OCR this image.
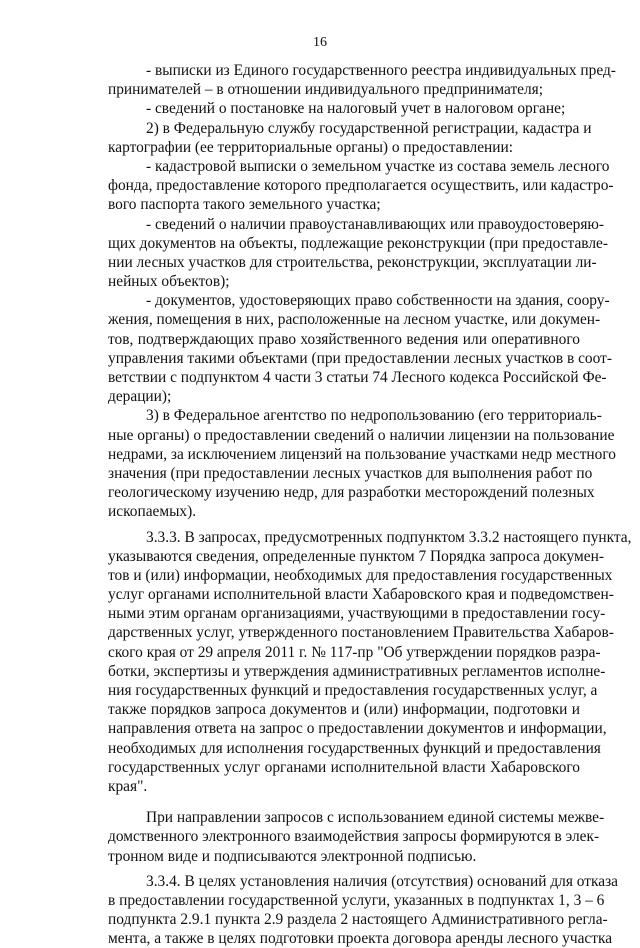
16
- выписки из Единого государственного реестра индивидуальных пред-
принимателей – в отношении индивидуального предпринимателя;
- сведений о постановке на налоговый учет в налоговом органе;
2) в Федеральную службу государственной регистрации, кадастра и
картографии (ее территориальные органы) о предоставлении:
- кадастровой выписки о земельном участке из состава земель лесного
фонда, предоставление которого предполагается осуществить, или кадастро-
вого паспорта такого земельного участка;
- сведений о наличии правоустанавливающих или правоудостоверяю-
щих документов на объекты, подлежащие реконструкции (при предоставле-
нии лесных участков для строительства, реконструкции, эксплуатации ли-
нейных объектов);
- документов, удостоверяющих право собственности на здания, соору-
жения, помещения в них, расположенные на лесном участке, или докумен-
тов, подтверждающих право хозяйственного ведения или оперативного
управления такими объектами (при предоставлении лесных участков в соот-
ветствии с подпунктом 4 части 3 статьи 74 Лесного кодекса Российской Фе-
дерации);
3) в Федеральное агентство по недропользованию (его территориаль-
ные органы) о предоставлении сведений о наличии лицензии на пользование
недрами, за исключением лицензий на пользование участками недр местного
значения (при предоставлении лесных участков для выполнения работ по
геологическому изучению недр, для разработки месторождений полезных
ископаемых).
3.3.3. В запросах, предусмотренных подпунктом 3.3.2 настоящего пункта,
указываются сведения, определенные пунктом 7 Порядка запроса докумен-
тов и (или) информации, необходимых для предоставления государственных
услуг органами исполнительной власти Хабаровского края и подведомствен-
ными этим органам организациями, участвующими в предоставлении госу-
дарственных услуг, утвержденного постановлением Правительства Хабаров-
ского края от 29 апреля 2011 г. № 117-пр "Об утверждении порядков разра-
ботки, экспертизы и утверждения административных регламентов исполне-
ния государственных функций и предоставления государственных услуг, а
также порядков запроса документов и (или) информации, подготовки и
направления ответа на запрос о предоставлении документов и информации,
необходимых для исполнения государственных функций и предоставления
государственных услуг органами исполнительной власти Хабаровского
края".
При направлении запросов с использованием единой системы межве-
домственного электронного взаимодействия запросы формируются в элек-
тронном виде и подписываются электронной подписью.
3.3.4. В целях установления наличия (отсутствия) оснований для отказа
в предоставлении государственной услуги, указанных в подпунктах 1, 3 – 6
подпункта 2.9.1 пункта 2.9 раздела 2 настоящего Административного регла-
мента, а также в целях подготовки проекта договора аренды лесного участка
